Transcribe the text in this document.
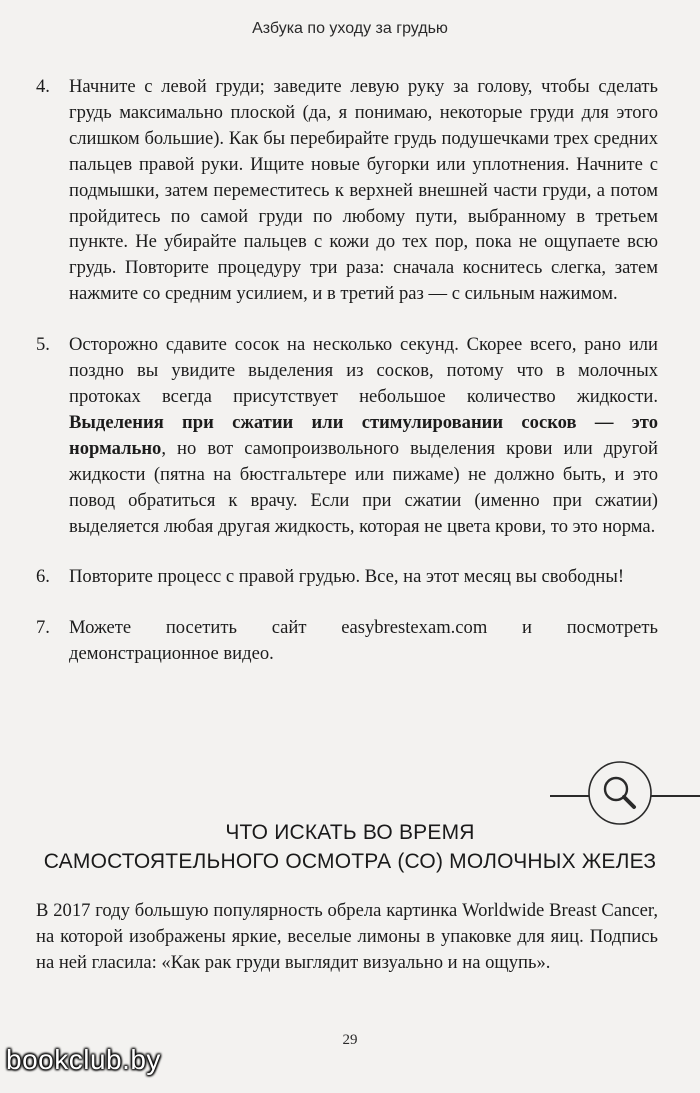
Азбука по уходу за грудью
4.	Начните с левой груди; заведите левую руку за голову, чтобы сделать грудь максимально плоской (да, я понимаю, некоторые груди для этого слишком большие). Как бы перебирайте грудь подушечками трех средних пальцев правой руки. Ищите новые бугорки или уплотнения. Начните с подмышки, затем переместитесь к верхней внешней части груди, а потом пройдитесь по самой груди по любому пути, выбранному в третьем пункте. Не убирайте пальцев с кожи до тех пор, пока не ощупаете всю грудь. Повторите процедуру три раза: сначала коснитесь слегка, затем нажмите со средним усилием, и в третий раз — с сильным нажимом.
5.	Осторожно сдавите сосок на несколько секунд. Скорее всего, рано или поздно вы увидите выделения из сосков, потому что в молочных протоках всегда присутствует небольшое количество жидкости. Выделения при сжатии или стимулировании сосков — это нормально, но вот самопроизвольного выделения крови или другой жидкости (пятна на бюстгальтере или пижаме) не должно быть, и это повод обратиться к врачу. Если при сжатии (именно при сжатии) выделяется любая другая жидкость, которая не цвета крови, то это норма.
6.	Повторите процесс с правой грудью. Все, на этот месяц вы свободны!
7.	Можете посетить сайт easybrestexam.com и посмотреть демонстрационное видео.
ЧТО ИСКАТЬ ВО ВРЕМЯ
САМОСТОЯТЕЛЬНОГО ОСМОТРА (СО) МОЛОЧНЫХ ЖЕЛЕЗ

В 2017 году большую популярность обрела картинка Worldwide Breast Cancer, на которой изображены яркие, веселые лимоны в упаковке для яиц. Подпись на ней гласила: «Как рак груди выглядит визуально и на ощупь».

29
bookclub.by
